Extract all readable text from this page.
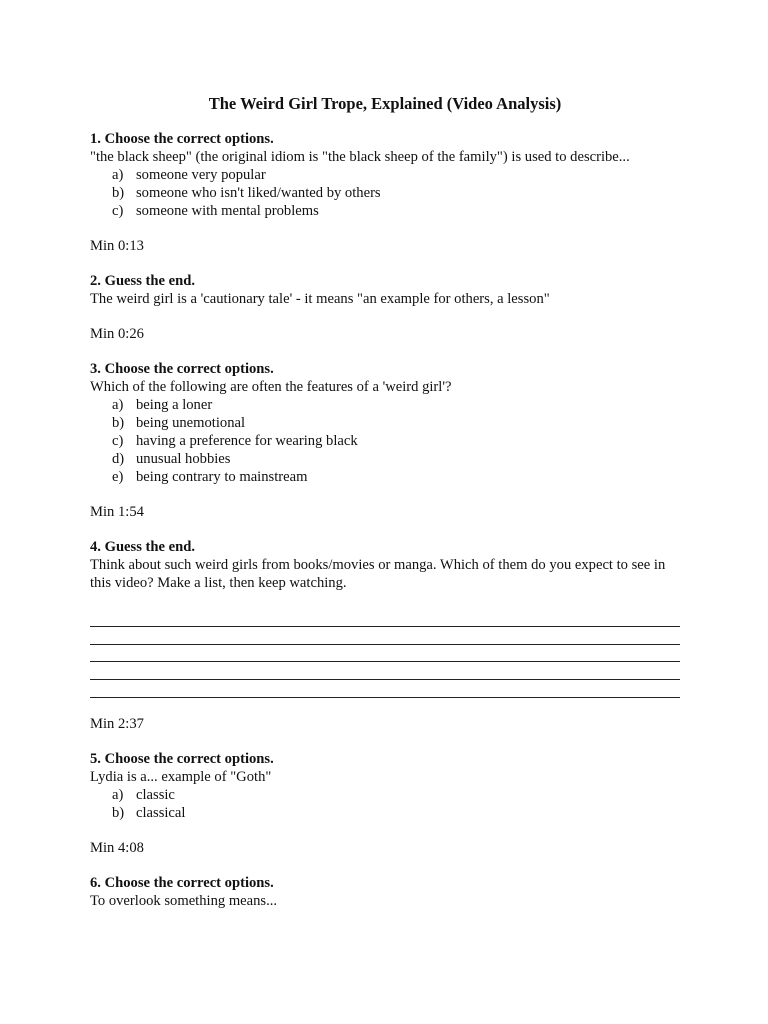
The Weird Girl Trope, Explained (Video Analysis)

1. Choose the correct options.

"the black sheep" (the original idiom is "the black sheep of the family") is used to describe...

a) someone very popular
b) someone who isn't liked/wanted by others
c) someone with mental problems

Min 0:13

2. Guess the end.

The weird girl is a 'cautionary tale' - it means "an example for others, a lesson"

Min 0:26

3. Choose the correct options.

Which of the following are often the features of a 'weird girl'?

a) being a loner
b) being unemotional
c) having a preference for wearing black
d) unusual hobbies
e) being contrary to mainstream

Min 1:54

4. Guess the end.

Think about such weird girls from books/movies or manga. Which of them do you expect to see in this video? Make a list, then keep watching.

Min 2:37

5. Choose the correct options.

Lydia is a... example of "Goth"

a) classic
b) classical

Min 4:08

6. Choose the correct options.

To overlook something means...
